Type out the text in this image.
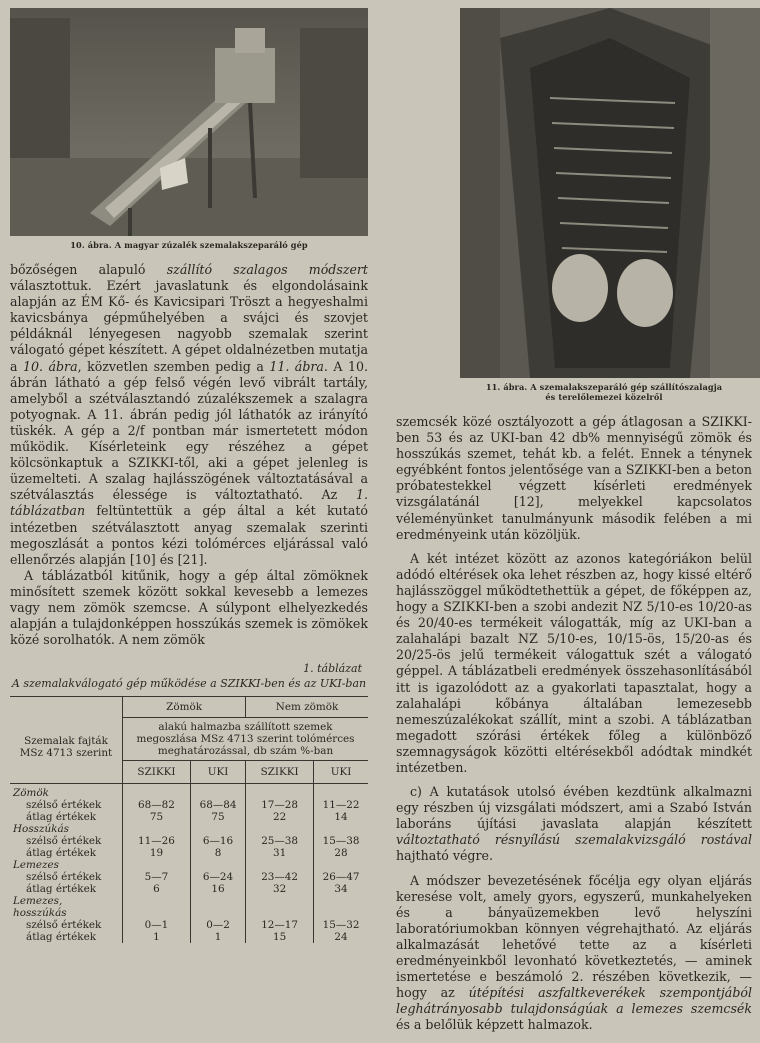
10. ábra. A magyar zúzalék szemalakszeparáló gép

bőzőségen alapuló szállító szalagos módszert választottuk. Ezért javaslatunk és elgondolásaink alapján az ÉM Kő- és Kavicsipari Tröszt a hegyeshalmi kavicsbánya gépműhelyében a svájci és szovjet példáknál lényegesen nagyobb szemalak szerint válogató gépet készített. A gépet oldalnézetben mutatja a 10. ábra, közvetlen szemben pedig a 11. ábra. A 10. ábrán látható a gép felső végén levő vibrált tartály, amelyből a szétválasztandó zúzalékszemek a szalagra potyognak. A 11. ábrán pedig jól láthatók az irányító tüskék. A gép a 2/f pontban már ismertetett módon működik. Kísérleteink egy részéhez a gépet kölcsönkaptuk a SZIKKI-től, aki a gépet jelenleg is üzemelteti. A szalag hajlásszögének változtatásával a szétválasztás élessége is változtatható. Az 1. táblázatban feltüntettük a gép által a két kutató intézetben szétválasztott anyag szemalak szerinti megoszlását a pontos kézi tolómérces eljárással való ellenőrzés alapján [10] és [21].

A táblázatból kitűnik, hogy a gép által zömöknek minősített szemek között sokkal kevesebb a lemezes vagy nem zömök szemcse. A súlypont elhelyezkedés alapján a tulajdonképpen hosszúkás szemek is zömökek közé sorolhatók. A nem zömök

1. táblázat

A szemalakválogató gép működése a SZIKKI-ben és az UKI-ban

Szemalak fajták MSz 4713 szerint	Zömök		Nem zömök	
	alakú halmazba szállított szemek megoszlása MSz 4713 szerint tolómérces meghatározással, db szám %-ban			
	SZIKKI	UKI	SZIKKI	UKI
Zömök				
szélső értékek	68—82	68—84	17—28	11—22
átlag értékek	75	75	22	14
Hosszúkás				
szélső értékek	11—26	6—16	25—38	15—38
átlag értékek	19	8	31	28
Lemezes				
szélső értékek	5—7	6—24	23—42	26—47
átlag értékek	6	16	32	34
Lemezes, hosszúkás				
szélső értékek	0—1	0—2	12—17	15—32
átlag értékek	1	1	15	24

11. ábra. A szemalakszeparáló gép szállítószalagja
és terelőlemezei közelről

szemcsék közé osztályozott a gép átlagosan a SZIKKI-ben 53 és az UKI-ban 42 db% mennyiségű zömök és hosszúkás szemet, tehát kb. a felét. Ennek a ténynek egyébként fontos jelentősége van a SZIKKI-ben a beton próbatestekkel végzett kísérleti eredmények vizsgálatánál [12], melyekkel kapcsolatos véleményünket tanulmányunk második felében a mi eredményeink után közöljük.

A két intézet között az azonos kategóriákon belül adódó eltérések oka lehet részben az, hogy kissé eltérő hajlásszöggel működtethettük a gépet, de főképpen az, hogy a SZIKKI-ben a szobi andezit NZ 5/10-es 10/20-as és 20/40-es termékeit válogatták, míg az UKI-ban a zalahalápi bazalt NZ 5/10-es, 10/15-ös, 15/20-as és 20/25-ös jelű termékeit válogattuk szét a válogató géppel. A táblázatbeli eredmények összehasonlításából itt is igazolódott az a gyakorlati tapasztalat, hogy a zalahalápi kőbánya általában lemezesebb nemeszúzalékokat szállít, mint a szobi. A táblázatban megadott szórási értékek főleg a különböző szemnagyságok közötti eltérésekből adódtak mindkét intézetben.

c) A kutatások utolsó évében kezdtünk alkalmazni egy részben új vizsgálati módszert, ami a Szabó István laboráns újítási javaslata alapján készített változtatható résnyílású szemalakvizsgáló rostával hajtható végre.

A módszer bevezetésének főcélja egy olyan eljárás keresése volt, amely gyors, egyszerű, munkahelyeken és a bányaüzemekben levő helyszíni laboratóriumokban könnyen végrehajtható. Az eljárás alkalmazását lehetővé tette az a kísérleti eredményeinkből levonható következtetés, — aminek ismertetése e beszámoló 2. részében következik, — hogy az útépítési aszfaltkeverékek szempontjából leghátrányosabb tulajdonságúak a lemezes szemcsék és a belőlük képzett halmazok.
